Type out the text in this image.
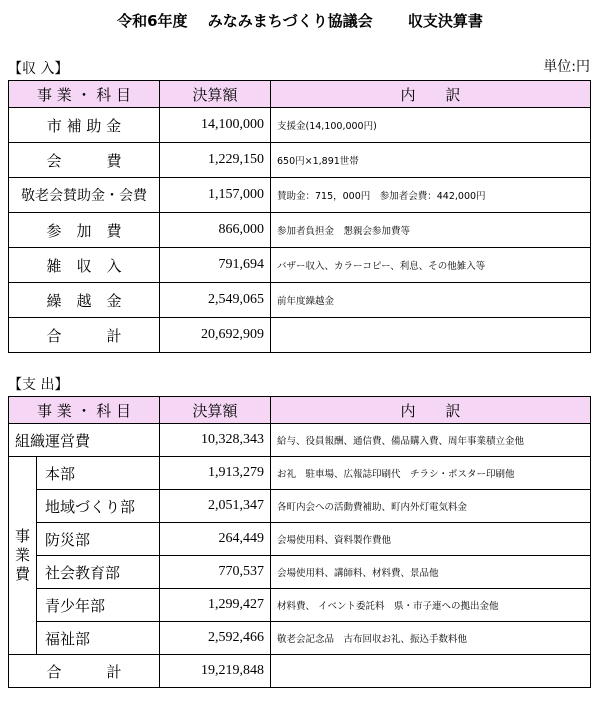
令和6年度　 みなみまちづくり協議会　　 収支決算書
単位:円
【収 入】
事 業 ・ 科 目	決算額	内　　訳
市 補 助 金	14,100,000	支援金(14,100,000円)
会　　　費	1,229,150	650円×1,891世帯
敬老会賛助金・会費	1,157,000	賛助金：715，000円　参加者会費：442,000円
参　加　費	866,000	参加者負担金　懇親会参加費等
雑　収　入	791,694	バザー収入、カラーコピー、利息、その他雑入等
繰　越　金	2,549,065	前年度繰越金
合　　　計	20,692,909	
【支 出】
事 業 ・ 科 目		決算額	内　　訳
組織運営費		10,328,343	給与、役員報酬、通信費、備品購入費、周年事業積立金他
事業費	本部	1,913,279	お礼　駐車場、広報誌印刷代　チラシ・ポスター印刷他
	地域づくり部	2,051,347	各町内会への活動費補助、町内外灯電気料金
	防災部	264,449	会場使用料、資料製作費他
	社会教育部	770,537	会場使用料、講師料、材料費、景品他
	青少年部	1,299,427	材料費、 イベント委託料　県・市子連への拠出金他
	福祉部	2,592,466	敬老会記念品　古布回収お礼、振込手数料他
合　　　計		19,219,848	
